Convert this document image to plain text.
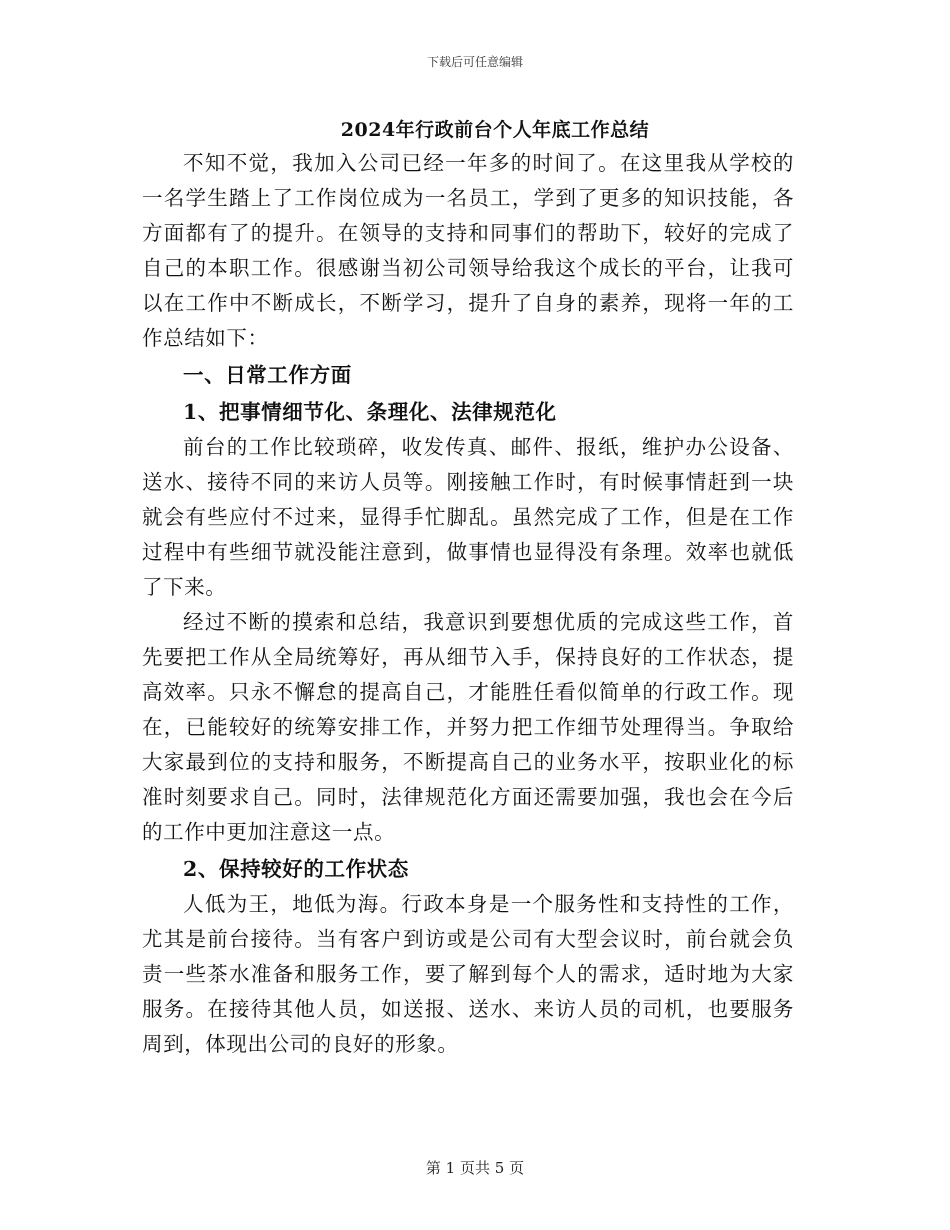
下载后可任意编辑
2024年行政前台个人年底工作总结

不知不觉，我加入公司已经一年多的时间了。在这里我从学校的一名学生踏上了工作岗位成为一名员工，学到了更多的知识技能，各方面都有了的提升。在领导的支持和同事们的帮助下，较好的完成了自己的本职工作。很感谢当初公司领导给我这个成长的平台，让我可以在工作中不断成长，不断学习，提升了自身的素养，现将一年的工作总结如下：

一、日常工作方面

1、把事情细节化、条理化、法律规范化

前台的工作比较琐碎，收发传真、邮件、报纸，维护办公设备、送水、接待不同的来访人员等。刚接触工作时，有时候事情赶到一块就会有些应付不过来，显得手忙脚乱。虽然完成了工作，但是在工作过程中有些细节就没能注意到，做事情也显得没有条理。效率也就低了下来。

经过不断的摸索和总结，我意识到要想优质的完成这些工作，首先要把工作从全局统筹好，再从细节入手，保持良好的工作状态，提高效率。只永不懈怠的提高自己，才能胜任看似简单的行政工作。现在，已能较好的统筹安排工作，并努力把工作细节处理得当。争取给大家最到位的支持和服务，不断提高自己的业务水平，按职业化的标准时刻要求自己。同时，法律规范化方面还需要加强，我也会在今后的工作中更加注意这一点。

2、保持较好的工作状态

人低为王，地低为海。行政本身是一个服务性和支持性的工作，尤其是前台接待。当有客户到访或是公司有大型会议时，前台就会负责一些茶水准备和服务工作，要了解到每个人的需求，适时地为大家服务。在接待其他人员，如送报、送水、来访人员的司机，也要服务周到，体现出公司的良好的形象。

第 1 页共 5 页
